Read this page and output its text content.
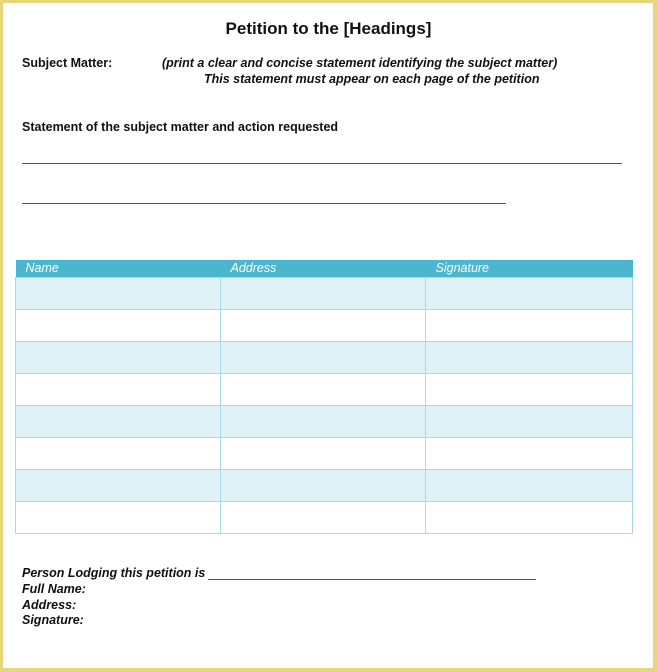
Petition to the [Headings]
Subject Matter:	(print a clear and concise statement identifying the subject matter)
This statement must appear on each page of the petition
Statement of the subject matter and action requested
Name	Address	Signature

Person Lodging this petition is
Full Name:
Address:
Signature:
